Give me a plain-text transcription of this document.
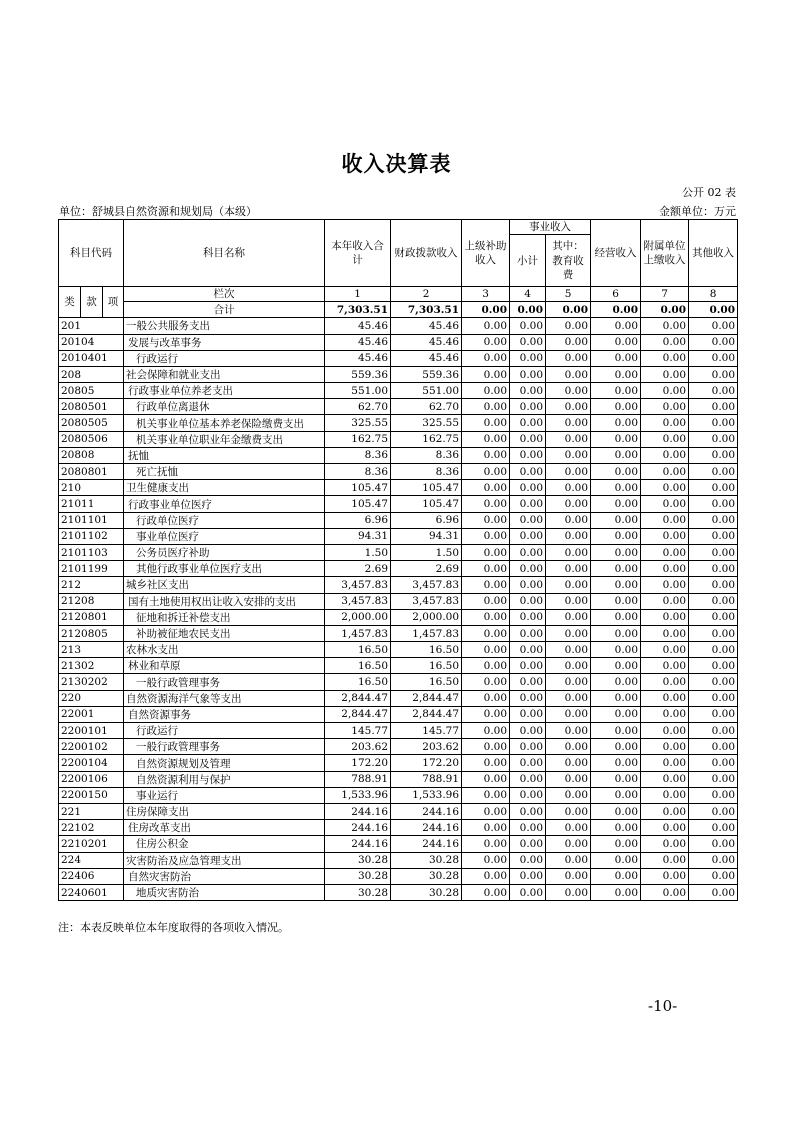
收入决算表
公开 02 表
单位：舒城县自然资源和规划局（本级）	金额单位：万元
科目代码			科目名称	本年收入合计	财政拨款收入	上级补助收入	事业收入		经营收入	附属单位上缴收入	其他收入
							小计	其中：教育收费			

类	款	项	栏次	1	2	3	4	5	6	7	8
			合计	7,303.51	7,303.51	0.00	0.00	0.00	0.00	0.00	0.00
201			一般公共服务支出	45.46	45.46	0.00	0.00	0.00	0.00	0.00	0.00
20104			发展与改革事务	45.46	45.46	0.00	0.00	0.00	0.00	0.00	0.00
2010401			行政运行	45.46	45.46	0.00	0.00	0.00	0.00	0.00	0.00
208			社会保障和就业支出	559.36	559.36	0.00	0.00	0.00	0.00	0.00	0.00
20805			行政事业单位养老支出	551.00	551.00	0.00	0.00	0.00	0.00	0.00	0.00
2080501			行政单位离退休	62.70	62.70	0.00	0.00	0.00	0.00	0.00	0.00
2080505			机关事业单位基本养老保险缴费支出	325.55	325.55	0.00	0.00	0.00	0.00	0.00	0.00
2080506			机关事业单位职业年金缴费支出	162.75	162.75	0.00	0.00	0.00	0.00	0.00	0.00
20808			抚恤	8.36	8.36	0.00	0.00	0.00	0.00	0.00	0.00
2080801			死亡抚恤	8.36	8.36	0.00	0.00	0.00	0.00	0.00	0.00
210			卫生健康支出	105.47	105.47	0.00	0.00	0.00	0.00	0.00	0.00
21011			行政事业单位医疗	105.47	105.47	0.00	0.00	0.00	0.00	0.00	0.00
2101101			行政单位医疗	6.96	6.96	0.00	0.00	0.00	0.00	0.00	0.00
2101102			事业单位医疗	94.31	94.31	0.00	0.00	0.00	0.00	0.00	0.00
2101103			公务员医疗补助	1.50	1.50	0.00	0.00	0.00	0.00	0.00	0.00
2101199			其他行政事业单位医疗支出	2.69	2.69	0.00	0.00	0.00	0.00	0.00	0.00
212			城乡社区支出	3,457.83	3,457.83	0.00	0.00	0.00	0.00	0.00	0.00
21208			国有土地使用权出让收入安排的支出	3,457.83	3,457.83	0.00	0.00	0.00	0.00	0.00	0.00
2120801			征地和拆迁补偿支出	2,000.00	2,000.00	0.00	0.00	0.00	0.00	0.00	0.00
2120805			补助被征地农民支出	1,457.83	1,457.83	0.00	0.00	0.00	0.00	0.00	0.00
213			农林水支出	16.50	16.50	0.00	0.00	0.00	0.00	0.00	0.00
21302			林业和草原	16.50	16.50	0.00	0.00	0.00	0.00	0.00	0.00
2130202			一般行政管理事务	16.50	16.50	0.00	0.00	0.00	0.00	0.00	0.00
220			自然资源海洋气象等支出	2,844.47	2,844.47	0.00	0.00	0.00	0.00	0.00	0.00
22001			自然资源事务	2,844.47	2,844.47	0.00	0.00	0.00	0.00	0.00	0.00
2200101			行政运行	145.77	145.77	0.00	0.00	0.00	0.00	0.00	0.00
2200102			一般行政管理事务	203.62	203.62	0.00	0.00	0.00	0.00	0.00	0.00
2200104			自然资源规划及管理	172.20	172.20	0.00	0.00	0.00	0.00	0.00	0.00
2200106			自然资源利用与保护	788.91	788.91	0.00	0.00	0.00	0.00	0.00	0.00
2200150			事业运行	1,533.96	1,533.96	0.00	0.00	0.00	0.00	0.00	0.00
221			住房保障支出	244.16	244.16	0.00	0.00	0.00	0.00	0.00	0.00
22102			住房改革支出	244.16	244.16	0.00	0.00	0.00	0.00	0.00	0.00
2210201			住房公积金	244.16	244.16	0.00	0.00	0.00	0.00	0.00	0.00
224			灾害防治及应急管理支出	30.28	30.28	0.00	0.00	0.00	0.00	0.00	0.00
22406			自然灾害防治	30.28	30.28	0.00	0.00	0.00	0.00	0.00	0.00
2240601			地质灾害防治	30.28	30.28	0.00	0.00	0.00	0.00	0.00	0.00
注：本表反映单位本年度取得的各项收入情况。
-10-
